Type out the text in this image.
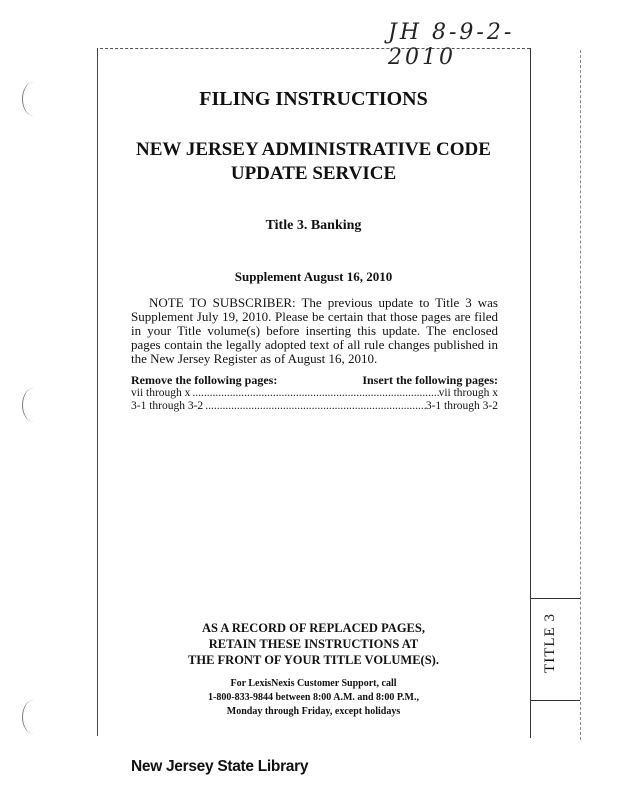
JH 8-9-2-2010
FILING INSTRUCTIONS
NEW JERSEY ADMINISTRATIVE CODE
UPDATE SERVICE
Title 3. Banking
Supplement August 16, 2010
NOTE TO SUBSCRIBER: The previous update to Title 3 was Supplement July 19, 2010. Please be certain that those pages are filed in your Title volume(s) before inserting this update. The enclosed pages contain the legally adopted text of all rule changes published in the New Jersey Register as of August 16, 2010.
Remove the following pages:	Insert the following pages:
vii through x .....	vii through x
3-1 through 3-2 .....	3-1 through 3-2
AS A RECORD OF REPLACED PAGES,
RETAIN THESE INSTRUCTIONS AT
THE FRONT OF YOUR TITLE VOLUME(S).
For LexisNexis Customer Support, call
1-800-833-9844 between 8:00 A.M. and 8:00 P.M.,
Monday through Friday, except holidays
TITLE 3
New Jersey State Library
